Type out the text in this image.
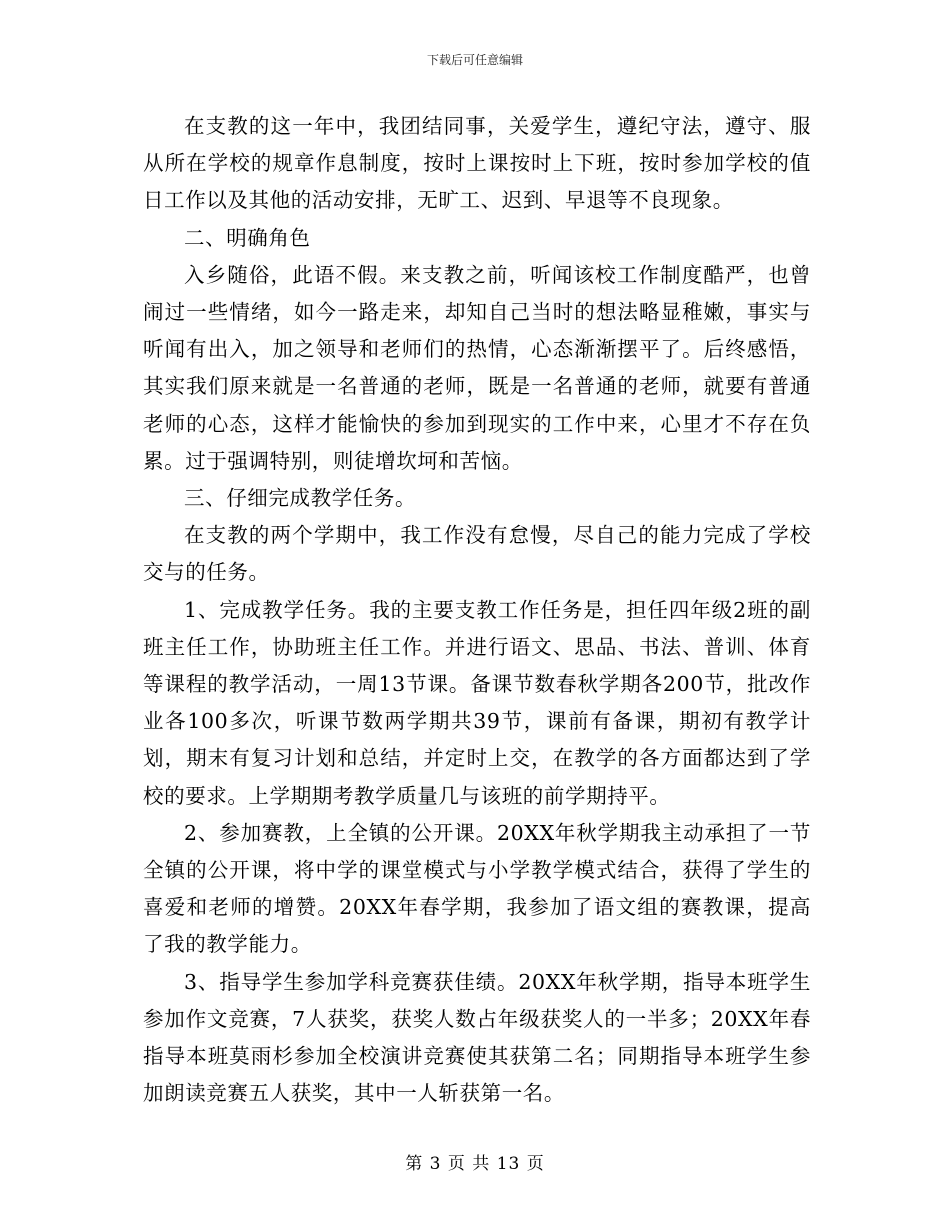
下载后可任意编辑

在支教的这一年中，我团结同事，关爱学生，遵纪守法，遵守、服从所在学校的规章作息制度，按时上课按时上下班，按时参加学校的值日工作以及其他的活动安排，无旷工、迟到、早退等不良现象。

二、明确角色

入乡随俗，此语不假。来支教之前，听闻该校工作制度酷严，也曾闹过一些情绪，如今一路走来，却知自己当时的想法略显稚嫩，事实与听闻有出入，加之领导和老师们的热情，心态渐渐摆平了。后终感悟，其实我们原来就是一名普通的老师，既是一名普通的老师，就要有普通老师的心态，这样才能愉快的参加到现实的工作中来，心里才不存在负累。过于强调特别，则徒增坎坷和苦恼。

三、仔细完成教学任务。

在支教的两个学期中，我工作没有怠慢，尽自己的能力完成了学校交与的任务。

1、完成教学任务。我的主要支教工作任务是，担任四年级2班的副班主任工作，协助班主任工作。并进行语文、思品、书法、普训、体育等课程的教学活动，一周13节课。备课节数春秋学期各200节，批改作业各100多次，听课节数两学期共39节，课前有备课，期初有教学计划，期末有复习计划和总结，并定时上交，在教学的各方面都达到了学校的要求。上学期期考教学质量几与该班的前学期持平。

2、参加赛教，上全镇的公开课。20XX年秋学期我主动承担了一节全镇的公开课，将中学的课堂模式与小学教学模式结合，获得了学生的喜爱和老师的增赞。20XX年春学期，我参加了语文组的赛教课，提高了我的教学能力。

3、指导学生参加学科竞赛获佳绩。20XX年秋学期，指导本班学生参加作文竞赛，7人获奖，获奖人数占年级获奖人的一半多；20XX年春指导本班莫雨杉参加全校演讲竞赛使其获第二名；同期指导本班学生参加朗读竞赛五人获奖，其中一人斩获第一名。

第 3 页 共 13 页
